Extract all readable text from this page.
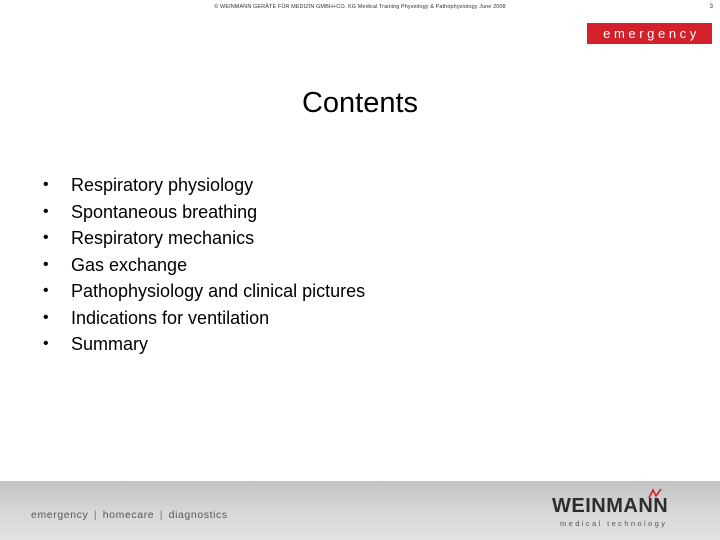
© WEINMANN GERÄTE FÜR MEDIZIN GMBH+CO. KG Medical Training Physiology & Pathophysiology June 2008	3
emergency
Contents
•	Respiratory physiology
•	Spontaneous breathing
•	Respiratory mechanics
•	Gas exchange
•	Pathophysiology and clinical pictures
•	Indications for ventilation
•	Summary
emergency | homecare | diagnostics	WEINMANN
medical technology
